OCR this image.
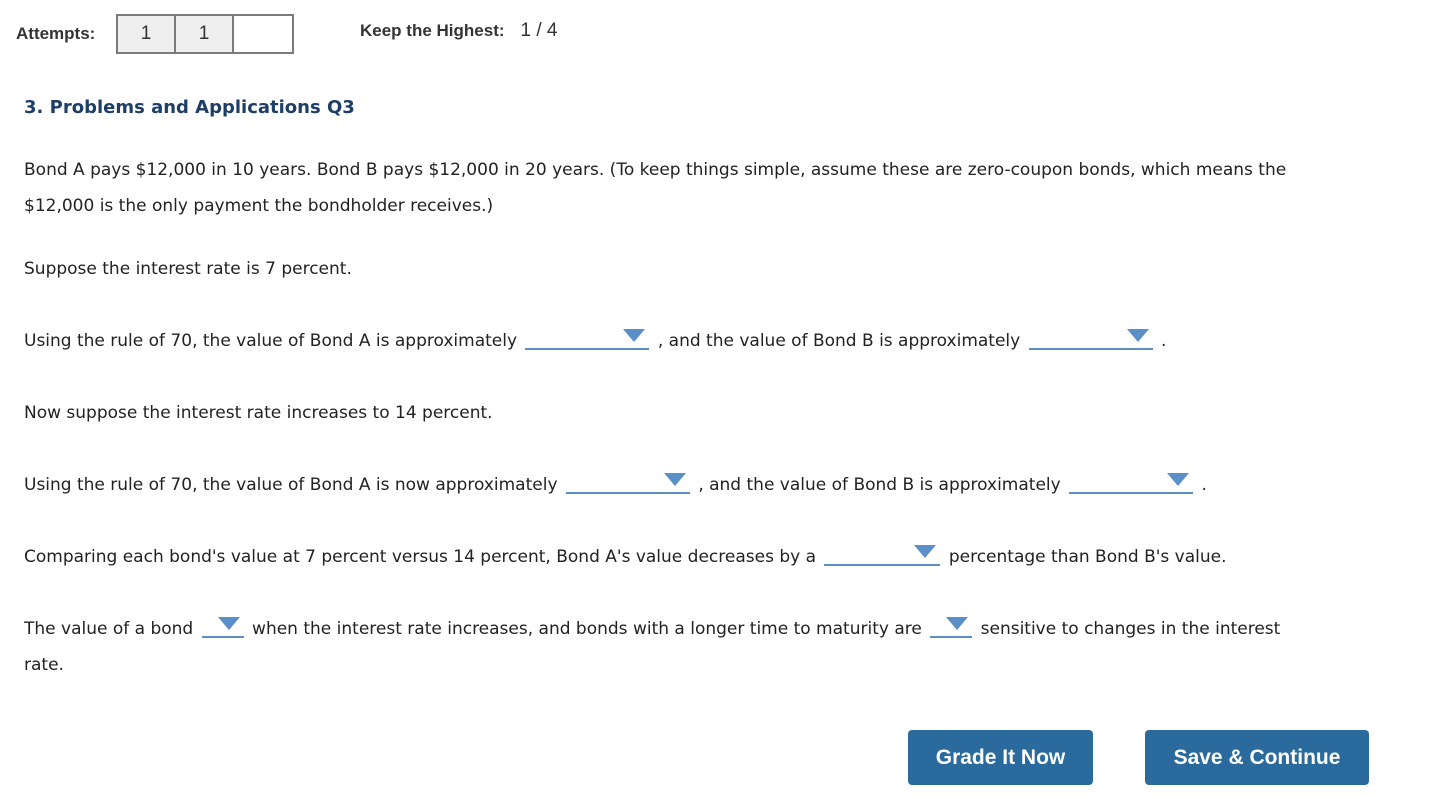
Attempts:	1	1	Keep the Highest: 1 / 4
3. Problems and Applications Q3
Bond A pays $12,000 in 10 years. Bond B pays $12,000 in 20 years. (To keep things simple, assume these are zero-coupon bonds, which means the
$12,000 is the only payment the bondholder receives.)
Suppose the interest rate is 7 percent.
Using the rule of 70, the value of Bond A is approximately	, and the value of Bond B is approximately	.
Now suppose the interest rate increases to 14 percent.
Using the rule of 70, the value of Bond A is now approximately	, and the value of Bond B is approximately	.
Comparing each bond's value at 7 percent versus 14 percent, Bond A's value decreases by a	percentage than Bond B's value.
The value of a bond	when the interest rate increases, and bonds with a longer time to maturity are	sensitive to changes in the interest
rate.
Grade It Now	Save & Continue
